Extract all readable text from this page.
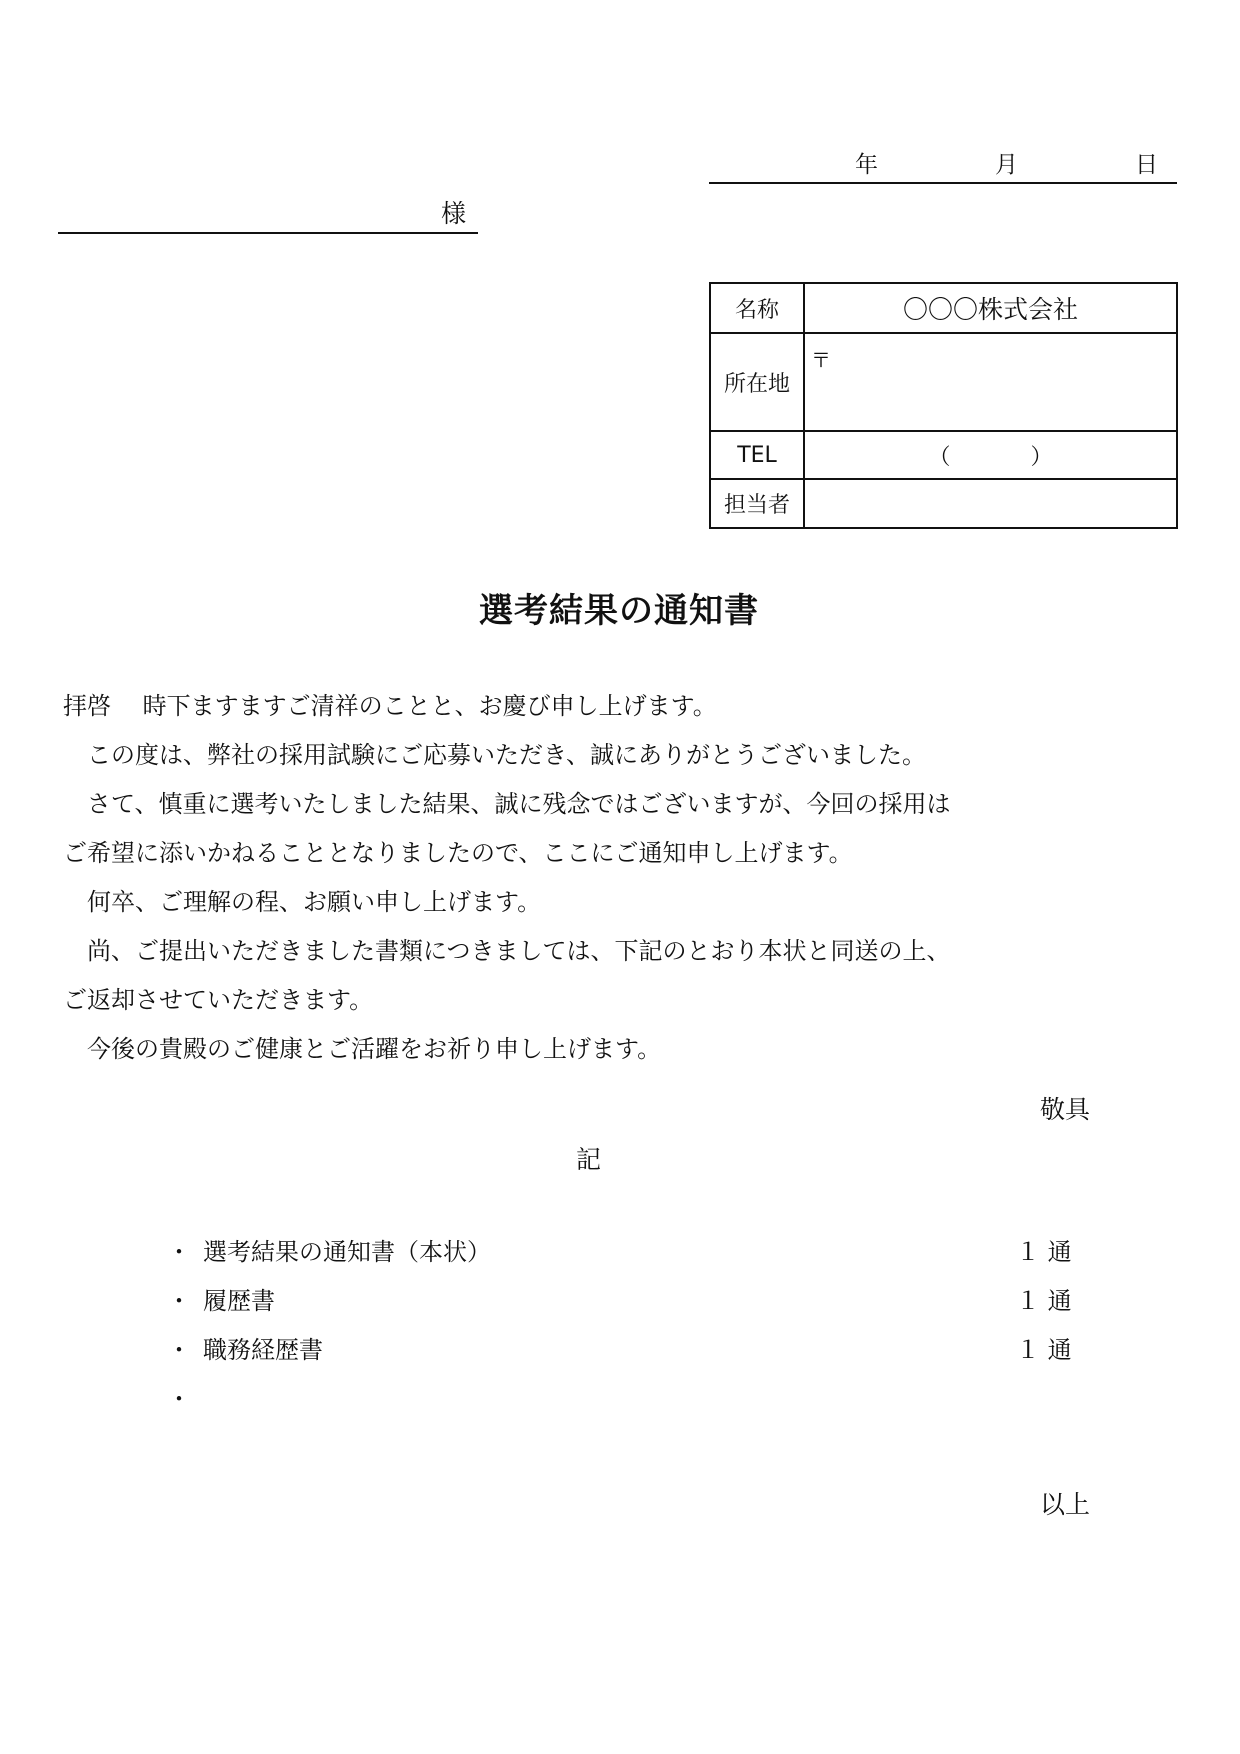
年	月	日
様
名称	〇〇〇株式会社
所在地	〒

TEL	（ ）
担当者	
選考結果の通知書
拝啓　 時下ますますご清祥のことと、お慶び申し上げます。
　この度は、弊社の採用試験にご応募いただき、誠にありがとうございました。
　さて、慎重に選考いたしました結果、誠に残念ではございますが、今回の採用は
ご希望に添いかねることとなりましたので、ここにご通知申し上げます。
　何卒、ご理解の程、お願い申し上げます。
　尚、ご提出いただきました書類につきましては、下記のとおり本状と同送の上、
ご返却させていただきます。
　今後の貴殿のご健康とご活躍をお祈り申し上げます。
敬具
記
・ 選考結果の通知書（本状）	１ 通
・ 履歴書	１ 通
・ 職務経歴書	１ 通
・
以上
